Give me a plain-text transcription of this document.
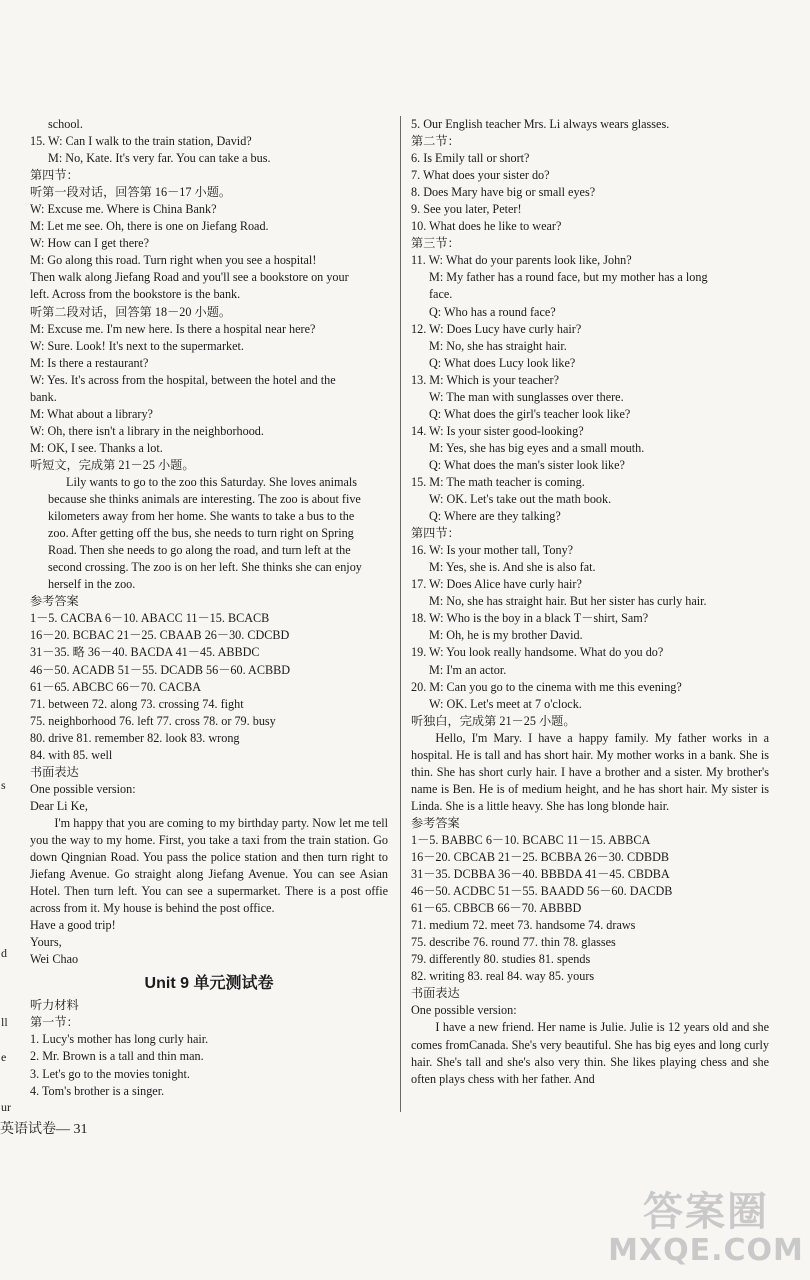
s
d
ll
e
ur
school.
15. W: Can I walk to the train station, David?
M: No, Kate. It's very far. You can take a bus.
第四节：
听第一段对话，回答第 16－17 小题。
W: Excuse me. Where is China Bank?
M: Let me see. Oh, there is one on Jiefang Road.
W: How can I get there?
M: Go along this road. Turn right when you see a hospital!
Then walk along Jiefang Road and you'll see a bookstore on your
left. Across from the bookstore is the bank.
听第二段对话，回答第 18－20 小题。
M: Excuse me. I'm new here. Is there a hospital near here?
W: Sure. Look! It's next to the supermarket.
M: Is there a restaurant?
W: Yes. It's across from the hospital, between the hotel and the
bank.
M: What about a library?
W: Oh, there isn't a library in the neighborhood.
M: OK, I see. Thanks a lot.
听短文，完成第 21－25 小题。
Lily wants to go to the zoo this Saturday. She loves animals
because she thinks animals are interesting. The zoo is about five
kilometers away from her home. She wants to take a bus to the
zoo. After getting off the bus, she needs to turn right on Spring
Road. Then she needs to go along the road, and turn left at the
second crossing. The zoo is on her left. She thinks she can enjoy
herself in the zoo.
参考答案
1－5. CACBA 6－10. ABACC 11－15. BCACB
16－20. BCBAC 21－25. CBAAB 26－30. CDCBD
31－35. 略 36－40. BACDA 41－45. ABBDC
46－50. ACADB 51－55. DCADB 56－60. ACBBD
61－65. ABCBC 66－70. CACBA
71. between 72. along 73. crossing 74. fight
75. neighborhood 76. left 77. cross 78. or 79. busy
80. drive 81. remember 82. look 83. wrong
84. with 85. well
书面表达
One possible version:
Dear Li Ke,
I'm happy that you are coming to my birthday party. Now let me tell you the way to my home. First, you take a taxi from the train station. Go down Qingnian Road. You pass the police station and then turn right to Jiefang Avenue. Go straight along Jiefang Avenue. You can see Asian Hotel. Then turn left. You can see a supermarket. There is a post offie across from it. My house is behind the post office.
Have a good trip!
Yours,
Wei Chao
Unit 9 单元测试卷
听力材料
第一节：
1. Lucy's mother has long curly hair.
2. Mr. Brown is a tall and thin man.
3. Let's go to the movies tonight.
4. Tom's brother is a singer.
5. Our English teacher Mrs. Li always wears glasses.
第二节：
6. Is Emily tall or short?
7. What does your sister do?
8. Does Mary have big or small eyes?
9. See you later, Peter!
10. What does he like to wear?
第三节：
11. W: What do your parents look like, John?
M: My father has a round face, but my mother has a long
face.
Q: Who has a round face?
12. W: Does Lucy have curly hair?
M: No, she has straight hair.
Q: What does Lucy look like?
13. M: Which is your teacher?
W: The man with sunglasses over there.
Q: What does the girl's teacher look like?
14. W: Is your sister good-looking?
M: Yes, she has big eyes and a small mouth.
Q: What does the man's sister look like?
15. M: The math teacher is coming.
W: OK. Let's take out the math book.
Q: Where are they talking?
第四节：
16. W: Is your mother tall, Tony?
M: Yes, she is. And she is also fat.
17. W: Does Alice have curly hair?
M: No, she has straight hair. But her sister has curly hair.
18. W: Who is the boy in a black T－shirt, Sam?
M: Oh, he is my brother David.
19. W: You look really handsome. What do you do?
M: I'm an actor.
20. M: Can you go to the cinema with me this evening?
W: OK. Let's meet at 7 o'clock.
听独白，完成第 21－25 小题。
Hello, I'm Mary. I have a happy family. My father works in a hospital. He is tall and has short hair. My mother works in a bank. She is thin. She has short curly hair. I have a brother and a sister. My brother's name is Ben. He is of medium height, and he has short hair. My sister is Linda. She is a little heavy. She has long blonde hair.
参考答案
1－5. BABBC 6－10. BCABC 11－15. ABBCA
16－20. CBCAB 21－25. BCBBA 26－30. CDBDB
31－35. DCBBA 36－40. BBBDA 41－45. CBDBA
46－50. ACDBC 51－55. BAADD 56－60. DACDB
61－65. CBBCB 66－70. ABBBD
71. medium 72. meet 73. handsome 74. draws
75. describe 76. round 77. thin 78. glasses
79. differently 80. studies 81. spends
82. writing 83. real 84. way 85. yours
书面表达
One possible version:
I have a new friend. Her name is Julie. Julie is 12 years old and she comes fromCanada. She's very beautiful. She has big eyes and long curly hair. She's tall and she's also very thin. She likes playing chess and she often plays chess with her father. And
英语试卷— 31
答案圈
MXQE.COM
